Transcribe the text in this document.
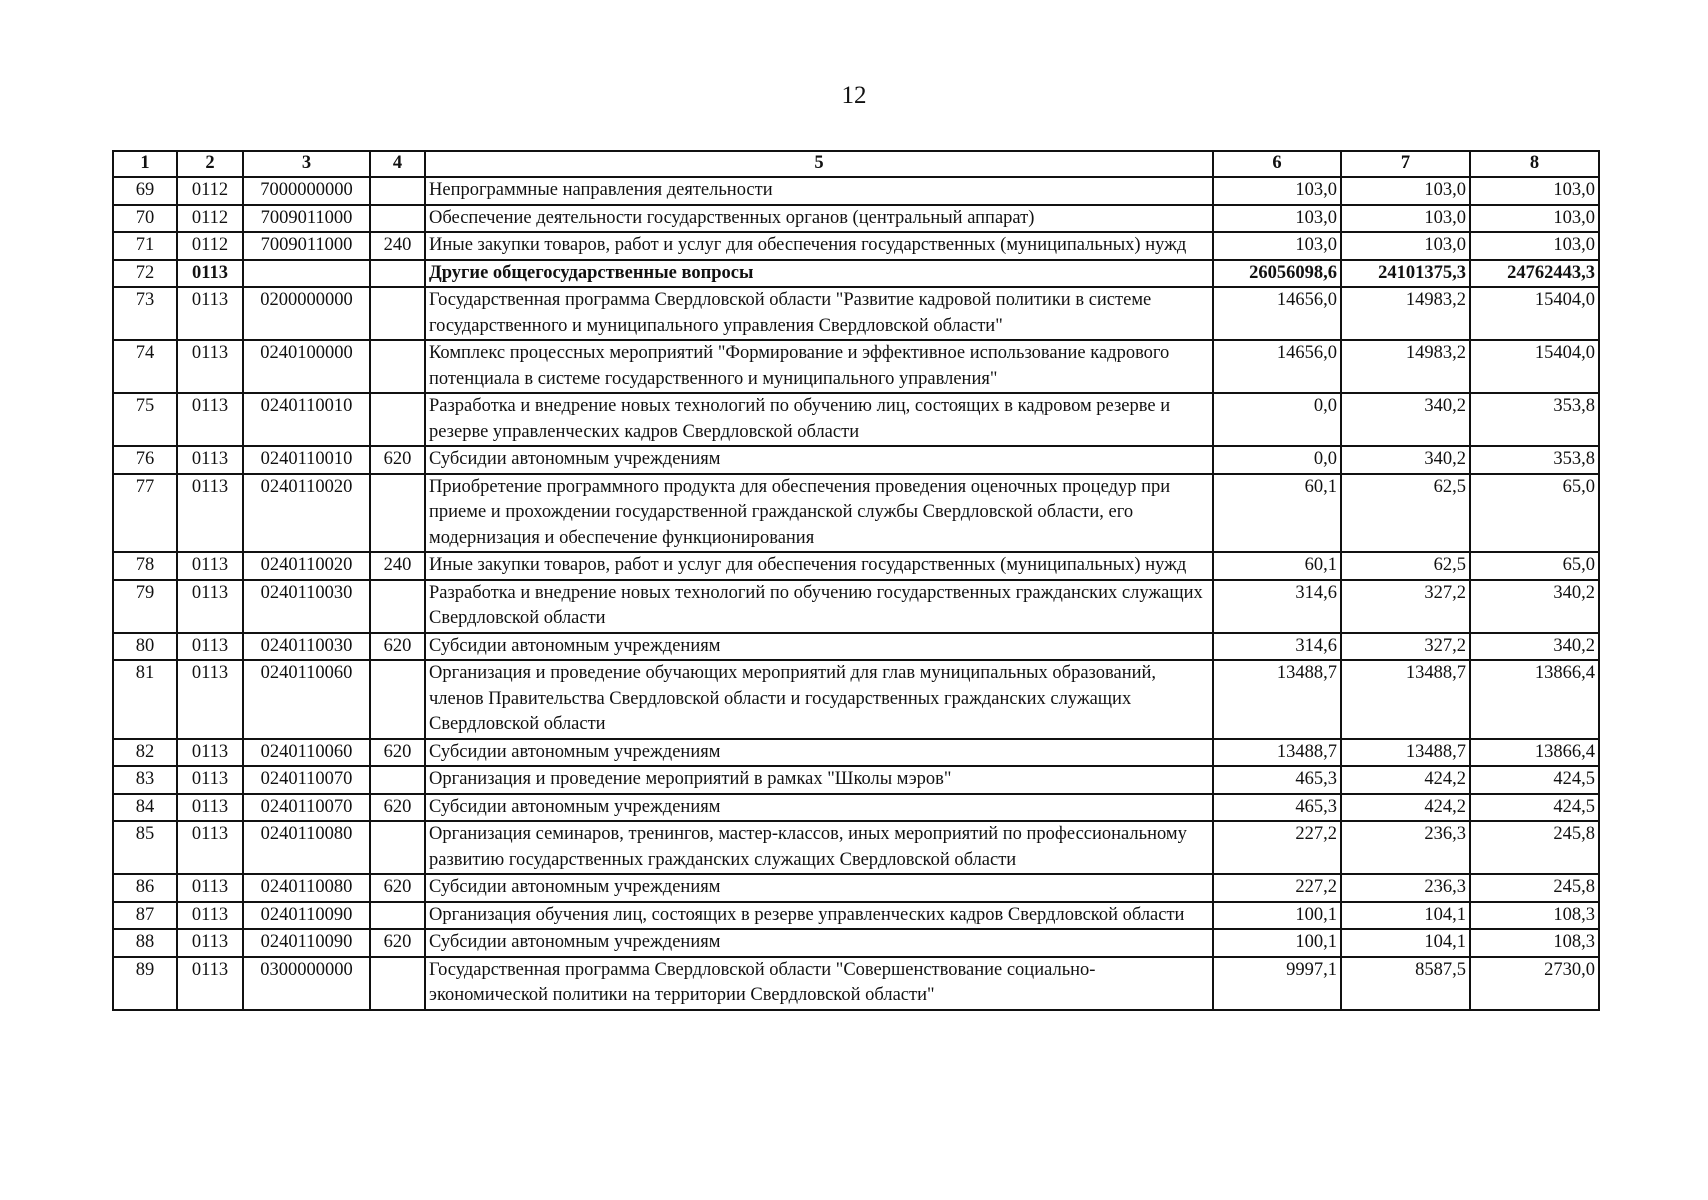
12
1	2	3	4	5	6	7	8
69	0112	7000000000		Непрограммные направления деятельности	103,0	103,0	103,0
70	0112	7009011000		Обеспечение деятельности государственных органов (центральный аппарат)	103,0	103,0	103,0
71	0112	7009011000	240	Иные закупки товаров, работ и услуг для обеспечения государственных (муниципальных) нужд	103,0	103,0	103,0
72	0113			Другие общегосударственные вопросы	26056098,6	24101375,3	24762443,3
73	0113	0200000000		Государственная программа Свердловской области "Развитие кадровой политики в системе государственного и муниципального управления Свердловской области"	14656,0	14983,2	15404,0
74	0113	0240100000		Комплекс процессных мероприятий "Формирование и эффективное использование кадрового потенциала в системе государственного и муниципального управления"	14656,0	14983,2	15404,0
75	0113	0240110010		Разработка и внедрение новых технологий по обучению лиц, состоящих в кадровом резерве и резерве управленческих кадров Свердловской области	0,0	340,2	353,8
76	0113	0240110010	620	Субсидии автономным учреждениям	0,0	340,2	353,8
77	0113	0240110020		Приобретение программного продукта для обеспечения проведения оценочных процедур при приеме и прохождении государственной гражданской службы Свердловской области, его модернизация и обеспечение функционирования	60,1	62,5	65,0
78	0113	0240110020	240	Иные закупки товаров, работ и услуг для обеспечения государственных (муниципальных) нужд	60,1	62,5	65,0
79	0113	0240110030		Разработка и внедрение новых технологий по обучению государственных гражданских служащих Свердловской области	314,6	327,2	340,2
80	0113	0240110030	620	Субсидии автономным учреждениям	314,6	327,2	340,2
81	0113	0240110060		Организация и проведение обучающих мероприятий для глав муниципальных образований, членов Правительства Свердловской области и государственных гражданских служащих Свердловской области	13488,7	13488,7	13866,4
82	0113	0240110060	620	Субсидии автономным учреждениям	13488,7	13488,7	13866,4
83	0113	0240110070		Организация и проведение мероприятий в рамках "Школы мэров"	465,3	424,2	424,5
84	0113	0240110070	620	Субсидии автономным учреждениям	465,3	424,2	424,5
85	0113	0240110080		Организация семинаров, тренингов, мастер-классов, иных мероприятий по профессиональному развитию государственных гражданских служащих Свердловской области	227,2	236,3	245,8
86	0113	0240110080	620	Субсидии автономным учреждениям	227,2	236,3	245,8
87	0113	0240110090		Организация обучения лиц, состоящих в резерве управленческих кадров Свердловской области	100,1	104,1	108,3
88	0113	0240110090	620	Субсидии автономным учреждениям	100,1	104,1	108,3
89	0113	0300000000		Государственная программа Свердловской области "Совершенствование социально-экономической политики на территории Свердловской области"	9997,1	8587,5	2730,0
